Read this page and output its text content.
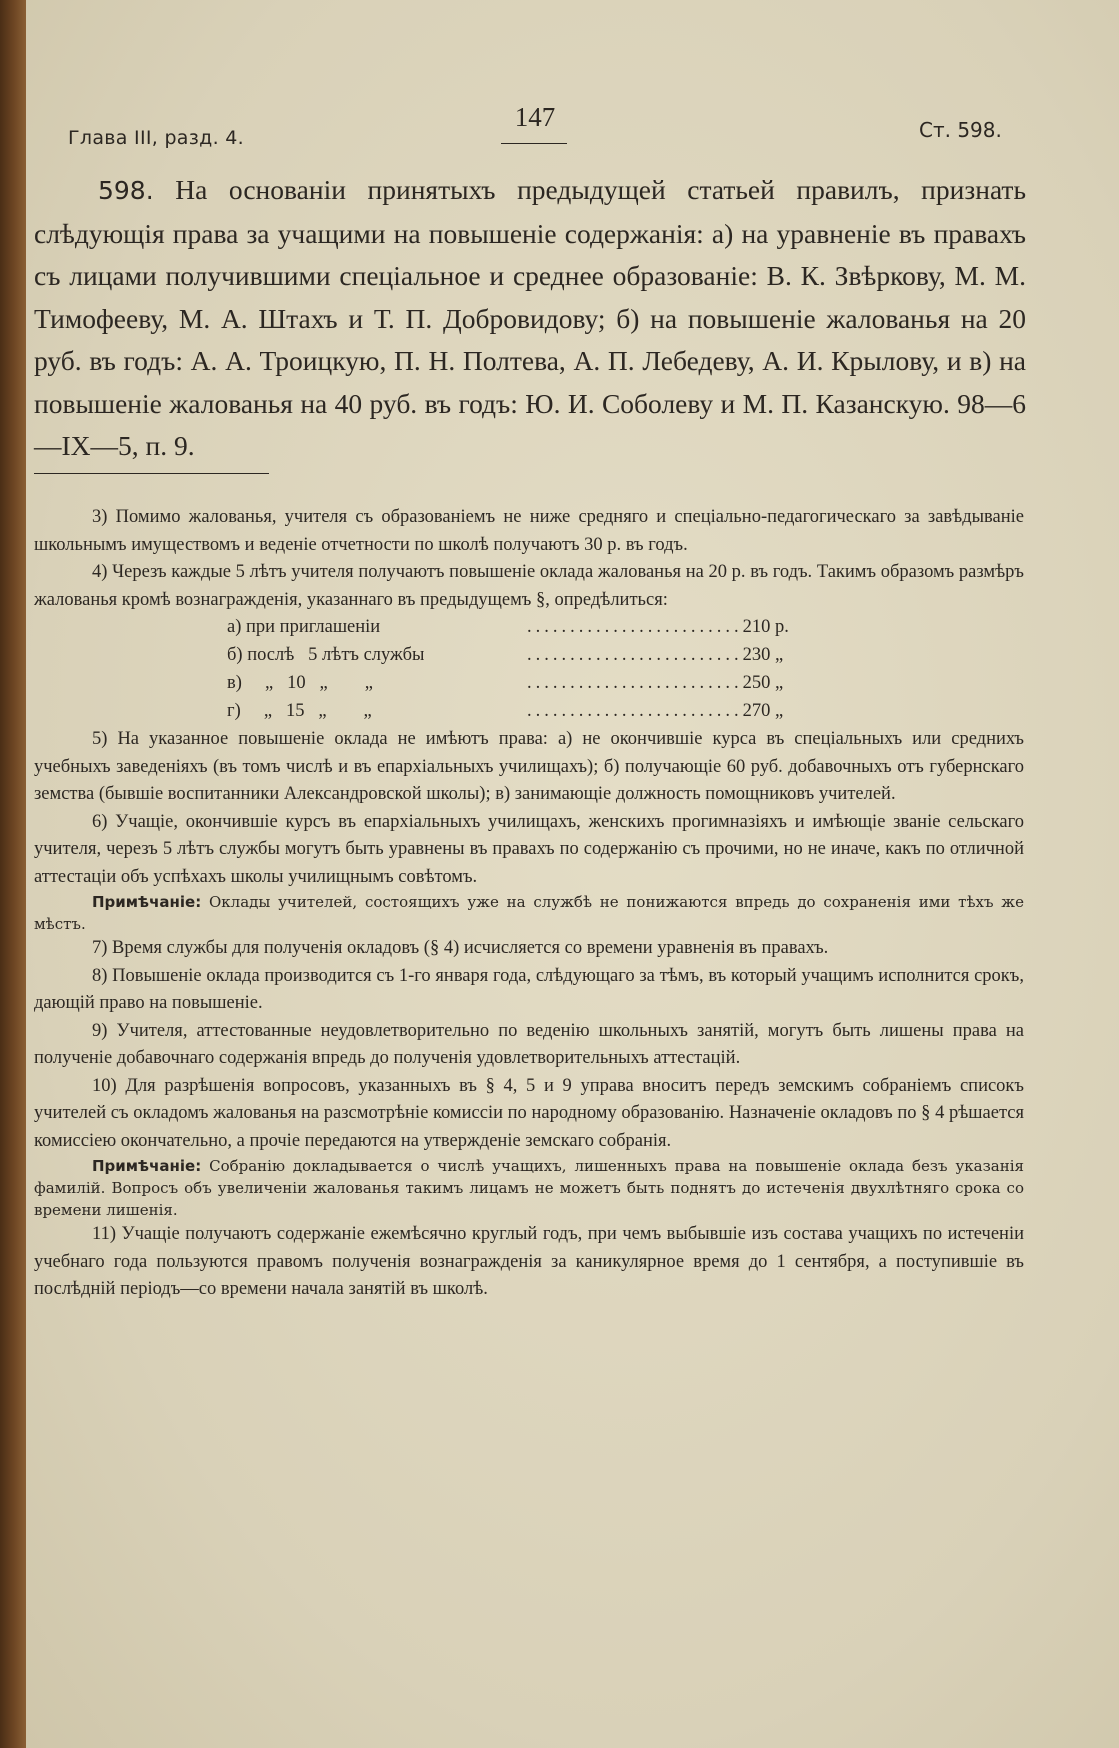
Глава III, разд. 4.
147	Ст. 598.
598. На основаніи принятыхъ предыдущей статьей правилъ, признать слѣдующія права за учащими на повышеніе содержанія: а) на уравненіе въ правахъ съ лицами получившими спеціальное и среднее образованіе: В. К. Звѣркову, М. М. Тимофееву, М. А. Штахъ и Т. П. Добровидову; б) на повышеніе жалованья на 20 руб. въ годъ: А. А. Троицкую, П. Н. Полтева, А. П. Лебедеву, А. И. Крылову, и в) на повышеніе жалованья на 40 руб. въ годъ: Ю. И. Соболеву и М. П. Казанскую. 98—6—IX—5, п. 9.

3) Помимо жалованья, учителя съ образованіемъ не ниже средняго и спеціально-педагогическаго за завѣдываніе школьнымъ имуществомъ и веденіе отчетности по школѣ получаютъ 30 р. въ годъ.

4) Черезъ каждые 5 лѣтъ учителя получаютъ повышеніе оклада жалованья на 20 р. въ годъ. Такимъ образомъ размѣръ жалованья кромѣ вознагражденія, указаннаго въ предыдущемъ §, опредѣлиться:

а) при приглашеніи	......................... 210 р.
б) послѣ   5 лѣтъ службы	......................... 230 „
в)     „   10   „        „	......................... 250 „
г)     „   15   „        „	......................... 270 „

5) На указанное повышеніе оклада не имѣютъ права: а) не окончившіе курса въ спеціальныхъ или среднихъ учебныхъ заведеніяхъ (въ томъ числѣ и въ епархіальныхъ училищахъ); б) получающіе 60 руб. добавочныхъ отъ губернскаго земства (бывшіе воспитанники Александровской школы); в) занимающіе должность помощниковъ учителей.

6) Учащіе, окончившіе курсъ въ епархіальныхъ училищахъ, женскихъ прогимназіяхъ и имѣющіе званіе сельскаго учителя, черезъ 5 лѣтъ службы могутъ быть уравнены въ правахъ по содержанію съ прочими, но не иначе, какъ по отличной аттестаціи объ успѣхахъ школы училищнымъ совѣтомъ.

Примѣчаніе: Оклады учителей, состоящихъ уже на службѣ не понижаются впредь до сохраненія ими тѣхъ же мѣстъ.

7) Время службы для полученія окладовъ (§ 4) исчисляется со времени уравненія въ правахъ.

8) Повышеніе оклада производится съ 1-го января года, слѣдующаго за тѣмъ, въ который учащимъ исполнится срокъ, дающій право на повышеніе.

9) Учителя, аттестованные неудовлетворительно по веденію школьныхъ занятій, могутъ быть лишены права на полученіе добавочнаго содержанія впредь до полученія удовлетворительныхъ аттестацій.

10) Для разрѣшенія вопросовъ, указанныхъ въ § 4, 5 и 9 управа вноситъ передъ земскимъ собраніемъ списокъ учителей съ окладомъ жалованья на разсмотрѣніе комиссіи по народному образованію. Назначеніе окладовъ по § 4 рѣшается комиссіею окончательно, а прочіе передаются на утвержденіе земскаго собранія.

Примѣчаніе: Собранію докладывается о числѣ учащихъ, лишенныхъ права на повышеніе оклада безъ указанія фамилій. Вопросъ объ увеличеніи жалованья такимъ лицамъ не можетъ быть поднятъ до истеченія двухлѣтняго срока со времени лишенія.

11) Учащіе получаютъ содержаніе ежемѣсячно круглый годъ, при чемъ выбывшіе изъ состава учащихъ по истеченіи учебнаго года пользуются правомъ полученія вознагражденія за каникулярное время до 1 сентября, а поступившіе въ послѣдній періодъ—со времени начала занятій въ школѣ.
